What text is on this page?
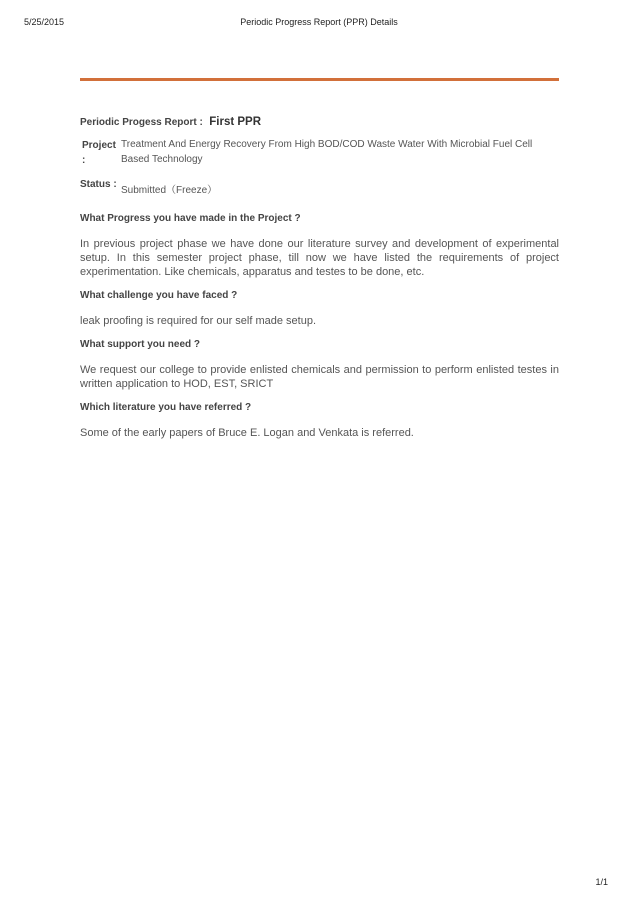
5/25/2015	Periodic Progress Report (PPR) Details
Periodic Progess Report : First PPR
Project :
Treatment And Energy Recovery From High BOD/COD Waste Water With Microbial Fuel Cell Based Technology
Status :
Submitted（Freeze）
What Progress you have made in the Project ?
In previous project phase we have done our literature survey and development of experimental setup. In this semester project phase, till now we have listed the requirements of project experimentation. Like chemicals, apparatus and testes to be done, etc.
What challenge you have faced ?
leak proofing is required for our self made setup.
What support you need ?
We request our college to provide enlisted chemicals and permission to perform enlisted testes in written application to HOD, EST, SRICT
Which literature you have referred ?
Some of the early papers of Bruce E. Logan and Venkata is referred.
1/1
